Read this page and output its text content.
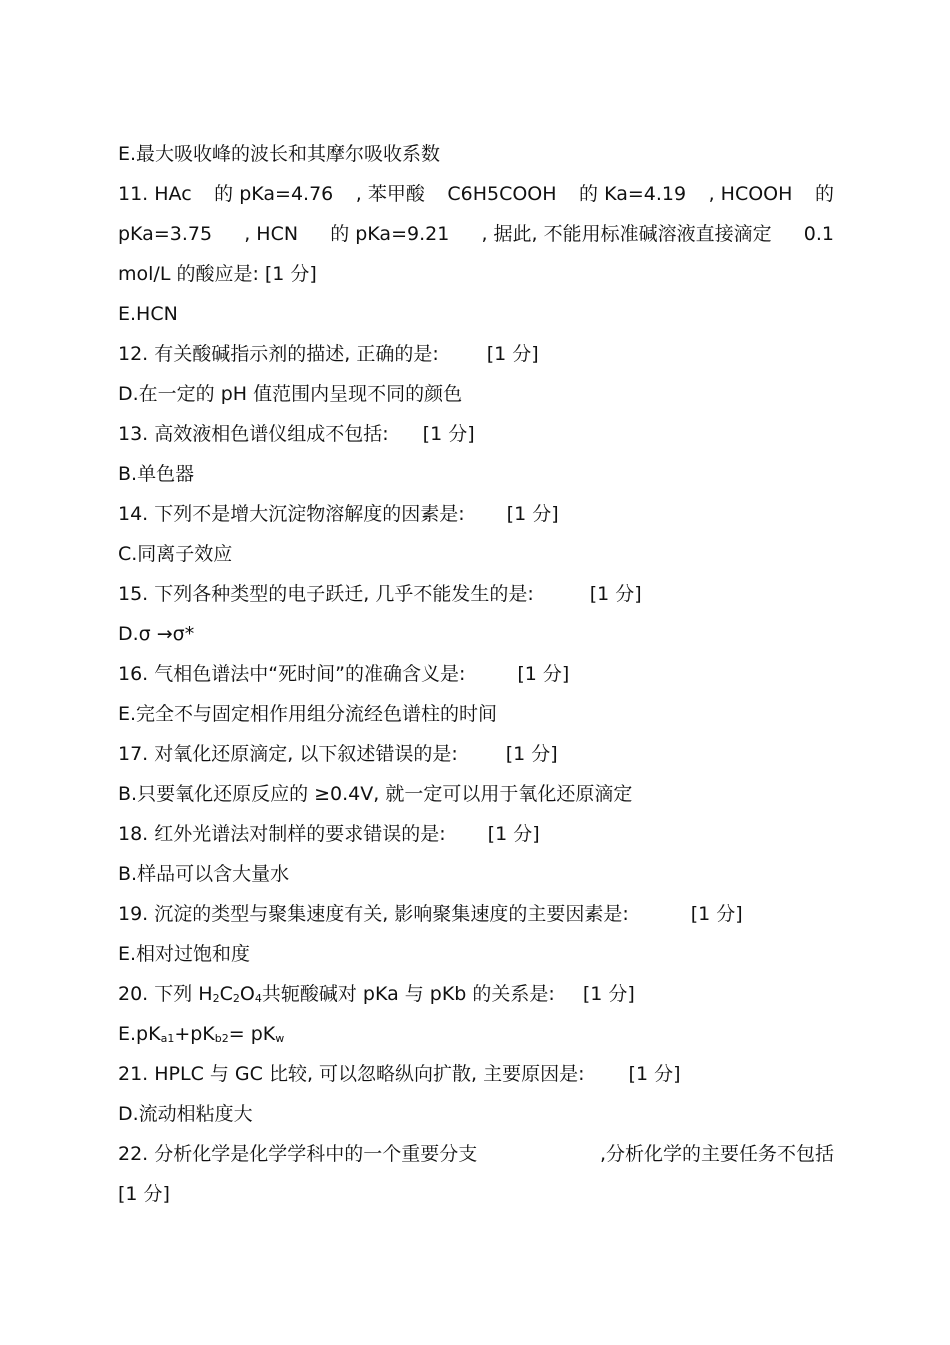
E.最大吸收峰的波长和其摩尔吸收系数
11. HAc 的 pKa=4.76 , 苯甲酸 C6H5COOH 的 Ka=4.19 , HCOOH 的
pKa=3.75 , HCN 的 pKa=9.21 , 据此, 不能用标准碱溶液直接滴定 0.1
mol/L 的酸应是: [1 分]
E.HCN
12. 有关酸碱指示剂的描述, 正确的是:	[1 分]
D.在一定的 pH 值范围内呈现不同的颜色
13. 高效液相色谱仪组成不包括: [1 分]
B.单色器
14. 下列不是增大沉淀物溶解度的因素是: [1 分]
C.同离子效应
15. 下列各种类型的电子跃迁, 几乎不能发生的是:	[1 分]
D.σ →σ*
16. 气相色谱法中“死时间”的准确含义是:	[1 分]
E.完全不与固定相作用组分流经色谱柱的时间
17. 对氧化还原滴定, 以下叙述错误的是:	[1 分]
B.只要氧化还原反应的 ≥0.4V, 就一定可以用于氧化还原滴定
18. 红外光谱法对制样的要求错误的是: [1 分]
B.样品可以含大量水
19. 沉淀的类型与聚集速度有关, 影响聚集速度的主要因素是:	[1 分]
E.相对过饱和度
20. 下列 $H_2C_2O_4$共轭酸碱对 pKa 与 pKb 的关系是: [1 分]
$E.pK_{a1}+pK_{b2}= pK_w$
21. HPLC 与 GC 比较, 可以忽略纵向扩散, 主要原因是: [1 分]
D.流动相粘度大
22. 分析化学是化学学科中的一个重要分支	,分析化学的主要任务不包括
[1 分]
